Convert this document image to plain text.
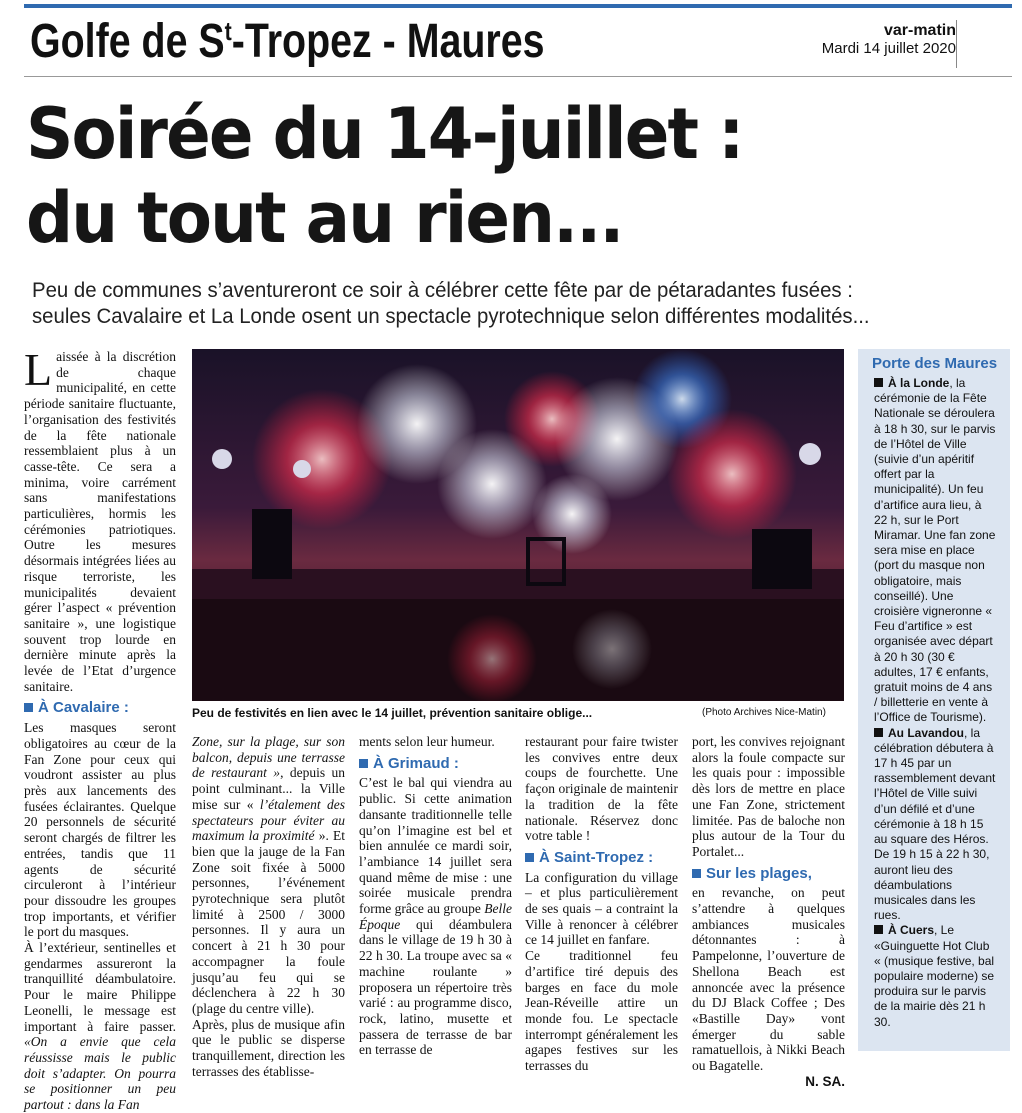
Golfe de $S^t$-Tropez - Maures	var-matin
Mardi 14 juillet 2020
Soirée du 14-juillet :
du tout au rien...
Peu de communes s’aventureront ce soir à célébrer cette fête par de pétaradantes fusées :
seules Cavalaire et La Londe osent un spectacle pyrotechnique selon différentes modalités...

Laissée à la discrétion de chaque municipalité, en cette période sanitaire fluctuante, l’organisation des festivités de la fête nationale ressemblaient plus à un casse-tête. Ce sera a minima, voire carrément sans manifestations particulières, hormis les cérémonies patriotiques. Outre les mesures désormais intégrées liées au risque terroriste, les municipalités devaient gérer l’aspect « prévention sanitaire », une logistique souvent trop lourde en dernière minute après la levée de l’Etat d’urgence sanitaire.

À Cavalaire :

Les masques seront obligatoires au cœur de la Fan Zone pour ceux qui voudront assister au plus près aux lancements des fusées éclairantes. Quelque 20 personnels de sécurité seront chargés de filtrer les entrées, tandis que 11 agents de sécurité circuleront à l’intérieur pour dissoudre les groupes trop importants, et vérifier le port du masques.

À l’extérieur, sentinelles et gendarmes assureront la tranquillité déambulatoire. Pour le maire Philippe Leonelli, le message est important à faire passer. «On a envie que cela réussisse mais le public doit s’adapter. On pourra se positionner un peu partout : dans la Fan

Peu de festivités en lien avec le 14 juillet, prévention sanitaire oblige...	(Photo Archives Nice-Matin)

Zone, sur la plage, sur son balcon, depuis une terrasse de restaurant », depuis un point culminant... la Ville mise sur « l’étalement des spectateurs pour éviter au maximum la proximité ». Et bien que la jauge de la Fan Zone soit fixée à 5000 personnes, l’événement pyrotechnique sera plutôt limité à 2500 / 3000 personnes. Il y aura un concert à 21 h 30 pour accompagner la foule jusqu’au feu qui se déclenchera à 22 h 30 (plage du centre ville).

Après, plus de musique afin que le public se disperse tranquillement, direction les terrasses des établisse-

ments selon leur humeur.

À Grimaud :

C’est le bal qui viendra au public. Si cette animation dansante traditionnelle telle qu’on l’imagine est bel et bien annulée ce mardi soir, l’ambiance 14 juillet sera quand même de mise : une soirée musicale prendra forme grâce au groupe Belle Époque qui déambulera dans le village de 19 h 30 à 22 h 30. La troupe avec sa « machine roulante » proposera un répertoire très varié : au programme disco, rock, latino, musette et passera de terrasse de bar en terrasse de

restaurant pour faire twister les convives entre deux coups de fourchette. Une façon originale de maintenir la tradition de la fête nationale. Réservez donc votre table !

À Saint-Tropez :

La configuration du village – et plus particulièrement de ses quais – a contraint la Ville à renoncer à célébrer ce 14 juillet en fanfare.

Ce traditionnel feu d’artifice tiré depuis des barges en face du mole Jean-Réveille attire un monde fou. Le spectacle interrompt généralement les agapes festives sur les terrasses du

port, les convives rejoignant alors la foule compacte sur les quais pour : impossible dès lors de mettre en place une Fan Zone, strictement limitée. Pas de baloche non plus autour de la Tour du Portalet...

Sur les plages,

en revanche, on peut s’attendre à quelques ambiances musicales détonnantes : à Pampelonne, l’ouverture de Shellona Beach est annoncée avec la présence du DJ Black Coffee ; Des «Bastille Day» vont émerger du sable ramatuellois, à Nikki Beach ou Bagatelle.

N. SA.

Porte des Maures
À la Londe, la cérémonie de la Fête Nationale se déroulera à 18 h 30, sur le parvis de l’Hôtel de Ville (suivie d’un apéritif offert par la municipalité). Un feu d’artifice aura lieu, à 22 h, sur le Port Miramar. Une fan zone sera mise en place (port du masque non obligatoire, mais conseillé). Une croisière vigneronne « Feu d’artifice » est organisée avec départ à 20 h 30 (30 € adultes, 17 € enfants, gratuit moins de 4 ans / billetterie en vente à l’Office de Tourisme).
Au Lavandou, la célébration débutera à 17 h 45 par un rassemblement devant l’Hôtel de Ville suivi d’un défilé et d’une cérémonie à 18 h 15 au square des Héros. De 19 h 15 à 22 h 30, auront lieu des déambulations musicales dans les rues.
À Cuers, Le «Guinguette Hot Club « (musique festive, bal populaire moderne) se produira sur le parvis de la mairie dès 21 h 30.
